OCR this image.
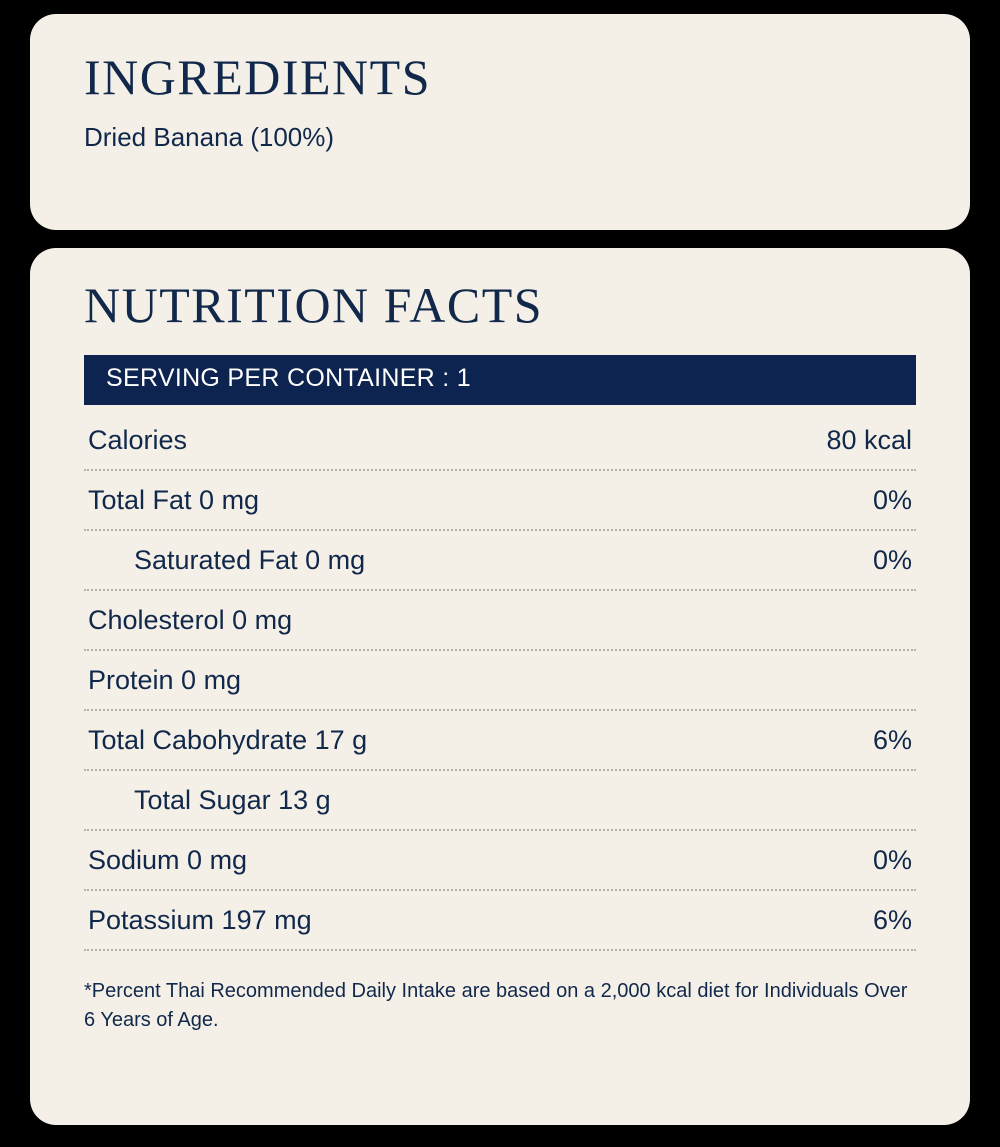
INGREDIENTS
Dried Banana (100%)
NUTRITION FACTS
SERVING PER CONTAINER : 1
Calories	80 kcal
Total Fat 0 mg	0%
Saturated Fat 0 mg	0%
Cholesterol 0 mg
Protein 0 mg
Total Cabohydrate 17 g	6%
Total Sugar 13 g
Sodium 0 mg	0%
Potassium 197 mg	6%
*Percent Thai Recommended Daily Intake are based on a 2,000 kcal diet for Individuals Over 6 Years of Age.
